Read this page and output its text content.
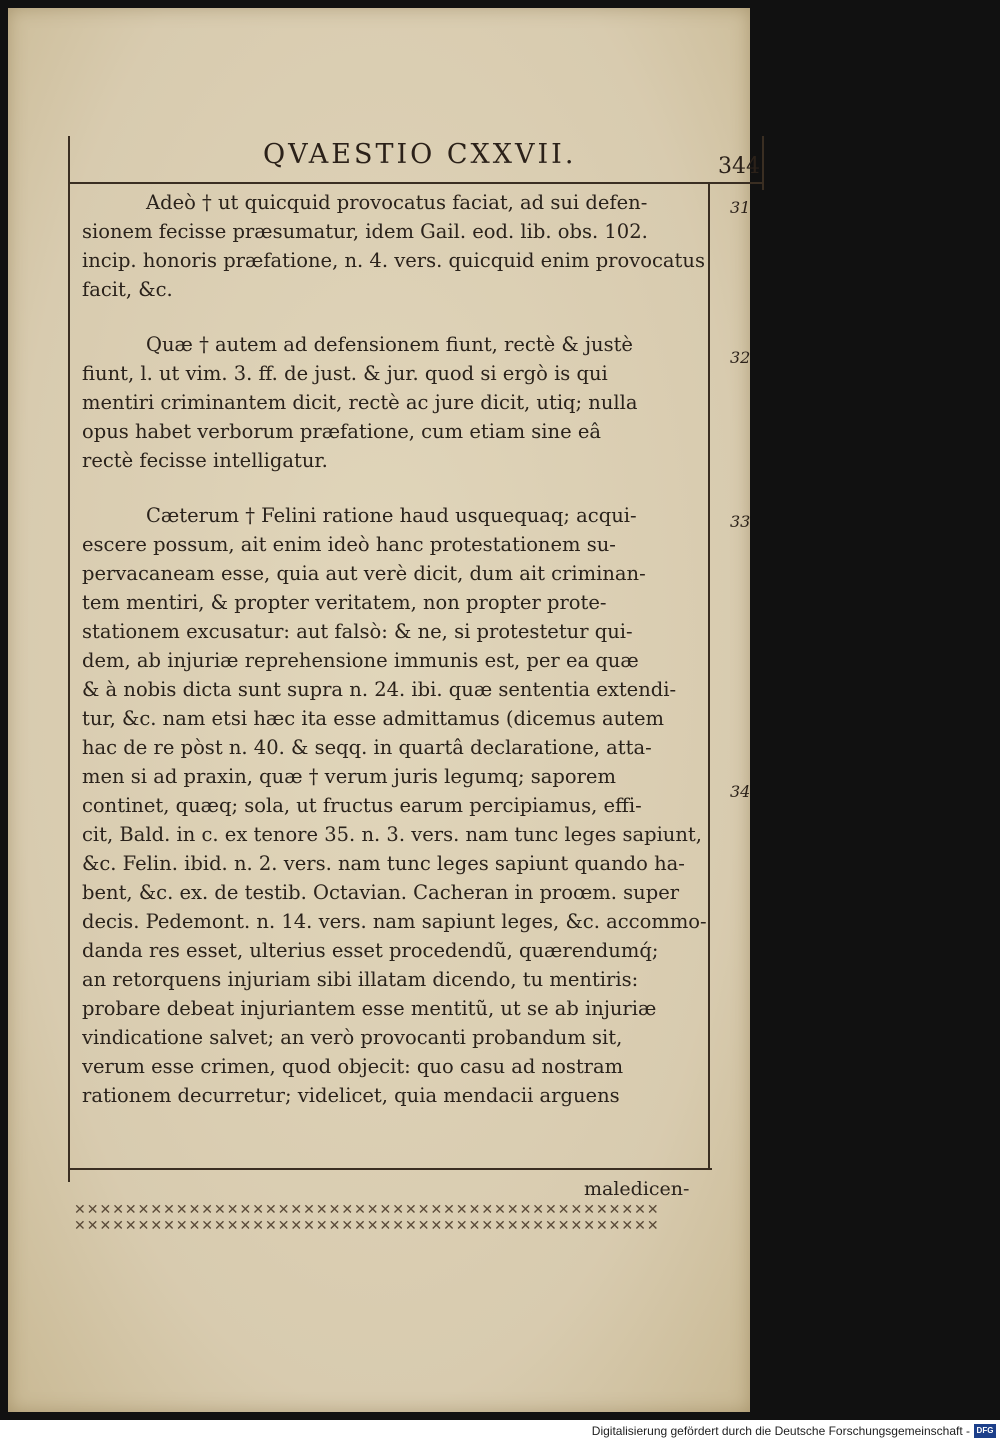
QVAESTIO CXXVII.	344
Adeò † ut quicquid provocatus faciat, ad sui defen-
sionem fecisse præsumatur, idem Gail. eod. lib. obs. 102.
incip. honoris præfatione, n. 4. vers. quicquid enim provocatus
facit, &c.
Quæ † autem ad defensionem fiunt, rectè & justè
fiunt, l. ut vim. 3. ff. de just. & jur. quod si ergò is qui
mentiri criminantem dicit, rectè ac jure dicit, utiq; nulla
opus habet verborum præfatione, cum etiam sine eâ
rectè fecisse intelligatur.
Cæterum † Felini ratione haud usquequaq; acqui-
escere possum, ait enim ideò hanc protestationem su-
pervacaneam esse, quia aut verè dicit, dum ait criminan-
tem mentiri, & propter veritatem, non propter prote-
stationem excusatur: aut falsò: & ne, si protestetur qui-
dem, ab injuriæ reprehensione immunis est, per ea quæ
& à nobis dicta sunt supra n. 24. ibi. quæ sententia extendi-
tur, &c. nam etsi hæc ita esse admittamus (dicemus autem
hac de re pòst n. 40. & seqq. in quartâ declaratione, atta-
men si ad praxin, quæ † verum juris legumq; saporem
continet, quæq; sola, ut fructus earum percipiamus, effi-
cit, Bald. in c. ex tenore 35. n. 3. vers. nam tunc leges sapiunt,
&c. Felin. ibid. n. 2. vers. nam tunc leges sapiunt quando ha-
bent, &c. ex. de testib. Octavian. Cacheran in proœm. super
decis. Pedemont. n. 14. vers. nam sapiunt leges, &c. accommo-
danda res esset, ulterius esset procedendũ, quærendumq́;
an retorquens injuriam sibi illatam dicendo, tu mentiris:
probare debeat injuriantem esse mentitũ, ut se ab injuriæ
vindicatione salvet; an verò provocanti probandum sit,
verum esse crimen, quod objecit: quo casu ad nostram
rationem decurretur; videlicet, quia mendacii arguens
31
32
33
34
maledicen-
✕✕✕✕✕✕✕✕✕✕✕✕✕✕✕✕✕✕✕✕✕✕✕✕✕✕✕✕✕✕✕✕✕✕✕✕✕✕✕✕✕✕✕✕✕✕
✕✕✕✕✕✕✕✕✕✕✕✕✕✕✕✕✕✕✕✕✕✕✕✕✕✕✕✕✕✕✕✕✕✕✕✕✕✕✕✕✕✕✕✕✕✕
Digitalisierung gefördert durch die Deutsche Forschungsgemeinschaft - DFG
